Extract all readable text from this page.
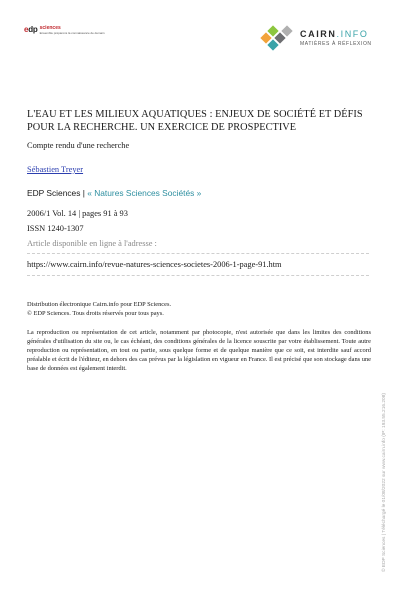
edp sciences
Ensemble préparons la connaissance de demain	CAIRN.INFO
MATIÈRES À RÉFLEXION
L'EAU ET LES MILIEUX AQUATIQUES : ENJEUX DE SOCIÉTÉ ET DÉFIS POUR LA RECHERCHE. UN EXERCICE DE PROSPECTIVE
Compte rendu d'une recherche
Sébastien Treyer
EDP Sciences | « Natures Sciences Sociétés »
2006/1 Vol. 14 | pages 91 à 93
ISSN 1240-1307
Article disponible en ligne à l'adresse :
https://www.cairn.info/revue-natures-sciences-societes-2006-1-page-91.htm
Distribution électronique Cairn.info pour EDP Sciences.
© EDP Sciences. Tous droits réservés pour tous pays.
La reproduction ou représentation de cet article, notamment par photocopie, n'est autorisée que dans les limites des conditions générales d'utilisation du site ou, le cas échéant, des conditions générales de la licence souscrite par votre établissement. Toute autre reproduction ou représentation, en tout ou partie, sous quelque forme et de quelque manière que ce soit, est interdite sauf accord préalable et écrit de l'éditeur, en dehors des cas prévus par la législation en vigueur en France. Il est précisé que son stockage dans une base de données est également interdit.
© EDP Sciences | Téléchargé le 01/08/2022 sur www.cairn.info (IP: 193.55.216.208)
